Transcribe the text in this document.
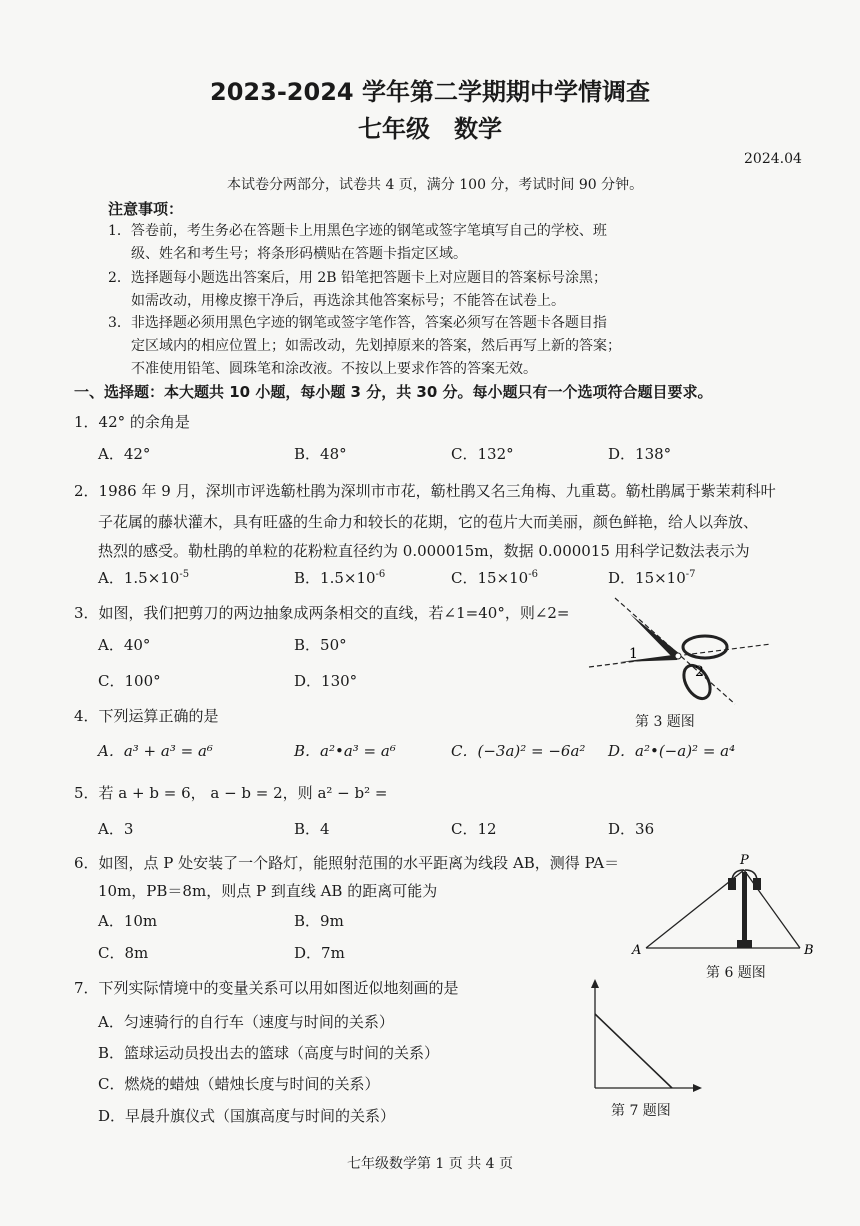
2023-2024 学年第二学期期中学情调查
七年级　数学
2024.04
本试卷分两部分，试卷共 4 页，满分 100 分，考试时间 90 分钟。
注意事项：
1．答卷前，考生务必在答题卡上用黑色字迹的钢笔或签字笔填写自己的学校、班
级、姓名和考生号；将条形码横贴在答题卡指定区域。
2．选择题每小题选出答案后，用 2B 铅笔把答题卡上对应题目的答案标号涂黑；
如需改动，用橡皮擦干净后，再选涂其他答案标号；不能答在试卷上。
3．非选择题必须用黑色字迹的钢笔或签字笔作答，答案必须写在答题卡各题目指
定区域内的相应位置上；如需改动，先划掉原来的答案，然后再写上新的答案；
不准使用铅笔、圆珠笔和涂改液。不按以上要求作答的答案无效。
一、选择题：本大题共 10 小题，每小题 3 分，共 30 分。每小题只有一个选项符合题目要求。
1．42° 的余角是
A．42°	B．48°	C．132°	D．138°
2．1986 年 9 月，深圳市评选簕杜鹃为深圳市市花，簕杜鹃又名三角梅、九重葛。簕杜鹃属于紫茉莉科叶
子花属的藤状灌木，具有旺盛的生命力和较长的花期，它的苞片大而美丽，颜色鲜艳，给人以奔放、
热烈的感受。勒杜鹃的单粒的花粉粒直径约为 0.000015m，数据 0.000015 用科学记数法表示为
A．$1.5\times 10^{-5}$	B．$1.5\times 10^{-6}$	C．$15\times 10^{-6}$	D．$15\times 10^{-7}$
3．如图，我们把剪刀的两边抽象成两条相交的直线，若∠1=40°，则∠2=
A．40°	B．50°
C．100°	D．130°
1
2
第 3 题图
4．下列运算正确的是
A．a³ + a³ = a⁶	B．a²•a³ = a⁶	C．(−3a)² = −6a² D．a²•(−a)² = a⁴
5．若 a + b = 6， a − b = 2，则 a² − b² =
A．3	B．4	C．12	D．36
6．如图，点 P 处安装了一个路灯，能照射范围的水平距离为线段 AB，测得 PA＝
10m，PB＝8m，则点 P 到直线 AB 的距离可能为
A．10m	B．9m
C．8m	D．7m
P
A	B
第 6 题图
7．下列实际情境中的变量关系可以用如图近似地刻画的是
A．匀速骑行的自行车（速度与时间的关系）
B．篮球运动员投出去的篮球（高度与时间的关系）
C．燃烧的蜡烛（蜡烛长度与时间的关系）
D．早晨升旗仪式（国旗高度与时间的关系）	第 7 题图
七年级数学第 1 页 共 4 页
